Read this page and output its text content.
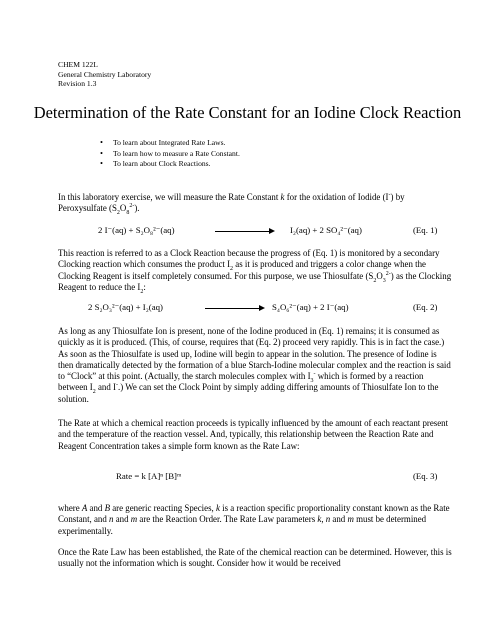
CHEM 122L
General Chemistry Laboratory
Revision 1.3
Determination of the Rate Constant for an Iodine Clock Reaction
• To learn about Integrated Rate Laws.
• To learn how to measure a Rate Constant.
• To learn about Clock Reactions.

In this laboratory exercise, we will measure the Rate Constant k for the oxidation of Iodide (I-) by Peroxysulfate $(S_2O_8^{2-})$.

2 I⁻(aq) + S₂O₈²⁻(aq)	I₂(aq) + 2 SO₄²⁻(aq)	(Eq. 1)

This reaction is referred to as a Clock Reaction because the progress of (Eq. 1) is monitored by a secondary Clocking reaction which consumes the product $I_2$ as it is produced and triggers a color change when the Clocking Reagent is itself completely consumed. For this purpose, we use Thiosulfate $(S_2O_3^{2-})$ as the Clocking Reagent to reduce the $I_2$:

2 S₂O₃²⁻(aq) + I₂(aq)	S₄O₆²⁻(aq) + 2 I⁻(aq)	(Eq. 2)

As long as any Thiosulfate Ion is present, none of the Iodine produced in (Eq. 1) remains; it is consumed as quickly as it is produced. (This, of course, requires that (Eq. 2) proceed very rapidly. This is in fact the case.) As soon as the Thiosulfate is used up, Iodine will begin to appear in the solution. The presence of Iodine is then dramatically detected by the formation of a blue Starch-Iodine molecular complex and the reaction is said to “Clock” at this point. (Actually, the starch molecules complex with $I_3^-$ which is formed by a reaction between $I_2$ and I-.) We can set the Clock Point by simply adding differing amounts of Thiosulfate Ion to the solution.

The Rate at which a chemical reaction proceeds is typically influenced by the amount of each reactant present and the temperature of the reaction vessel. And, typically, this relationship between the Reaction Rate and Reagent Concentration takes a simple form known as the Rate Law:

Rate = k [A]ⁿ [B]ᵐ	(Eq. 3)

where A and B are generic reacting Species, k is a reaction specific proportionality constant known as the Rate Constant, and n and m are the Reaction Order. The Rate Law parameters k, n and m must be determined experimentally.

Once the Rate Law has been established, the Rate of the chemical reaction can be determined. However, this is usually not the information which is sought. Consider how it would be received
